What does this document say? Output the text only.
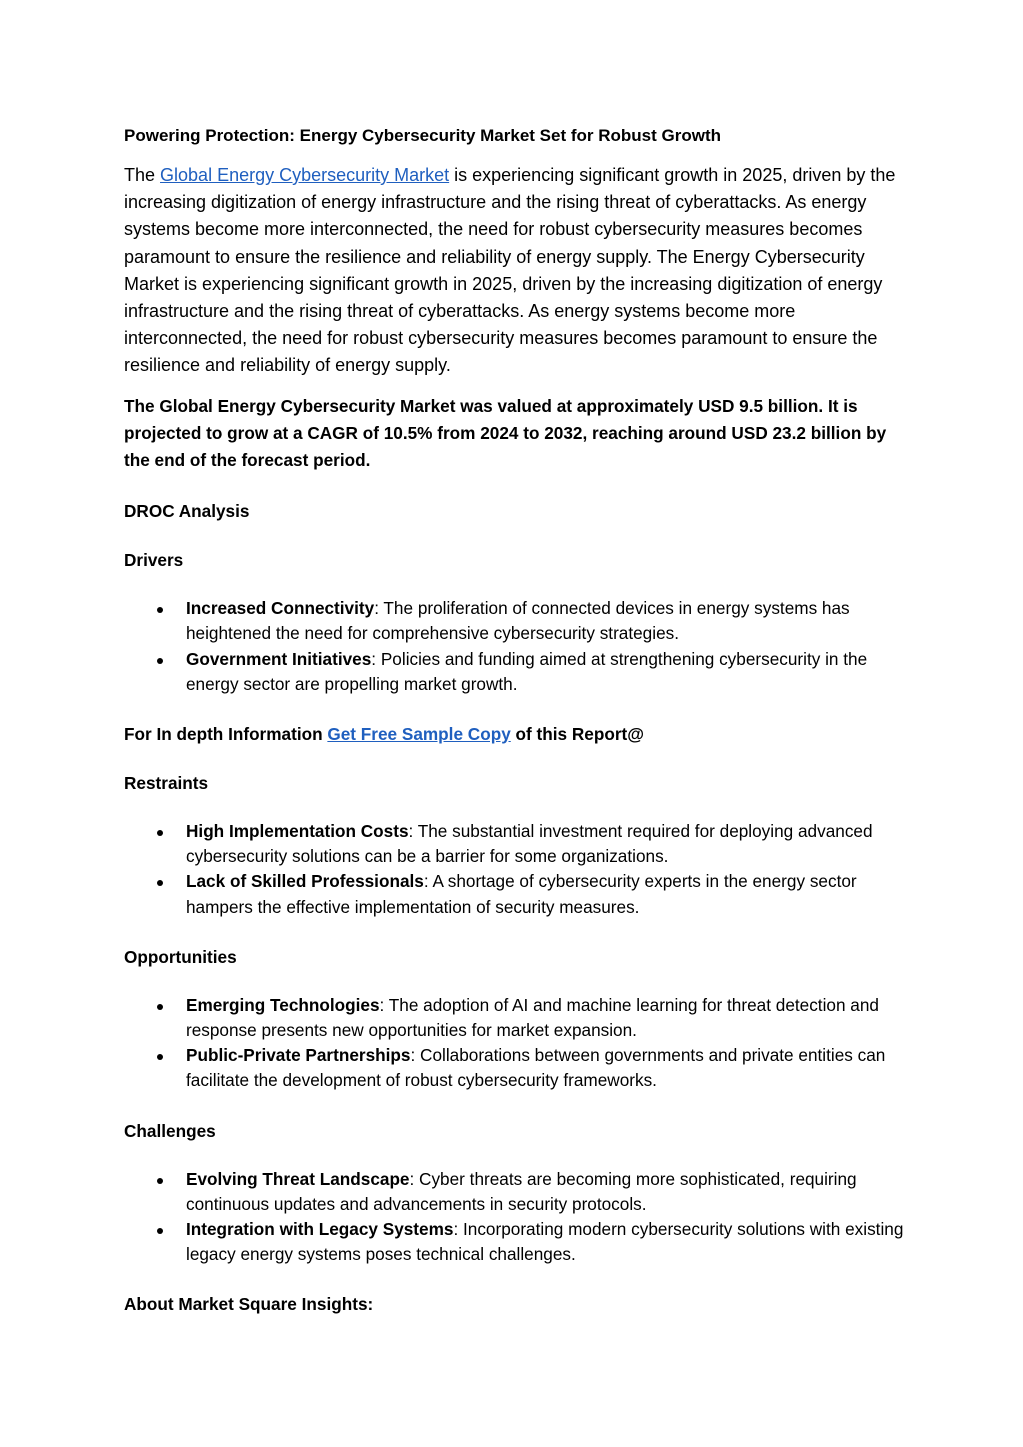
Powering Protection: Energy Cybersecurity Market Set for Robust Growth

The Global Energy Cybersecurity Market is experiencing significant growth in 2025, driven by the increasing digitization of energy infrastructure and the rising threat of cyberattacks. As energy systems become more interconnected, the need for robust cybersecurity measures becomes paramount to ensure the resilience and reliability of energy supply. The Energy Cybersecurity Market is experiencing significant growth in 2025, driven by the increasing digitization of energy infrastructure and the rising threat of cyberattacks. As energy systems become more interconnected, the need for robust cybersecurity measures becomes paramount to ensure the resilience and reliability of energy supply.

The Global Energy Cybersecurity Market was valued at approximately USD 9.5 billion. It is projected to grow at a CAGR of 10.5% from 2024 to 2032, reaching around USD 23.2 billion by the end of the forecast period.

DROC Analysis

Drivers

Increased Connectivity: The proliferation of connected devices in energy systems has heightened the need for comprehensive cybersecurity strategies.
Government Initiatives: Policies and funding aimed at strengthening cybersecurity in the energy sector are propelling market growth.

For In depth Information Get Free Sample Copy of this Report@

Restraints

High Implementation Costs: The substantial investment required for deploying advanced cybersecurity solutions can be a barrier for some organizations.
Lack of Skilled Professionals: A shortage of cybersecurity experts in the energy sector hampers the effective implementation of security measures.

Opportunities

Emerging Technologies: The adoption of AI and machine learning for threat detection and response presents new opportunities for market expansion.
Public-Private Partnerships: Collaborations between governments and private entities can facilitate the development of robust cybersecurity frameworks.

Challenges

Evolving Threat Landscape: Cyber threats are becoming more sophisticated, requiring continuous updates and advancements in security protocols.
Integration with Legacy Systems: Incorporating modern cybersecurity solutions with existing legacy energy systems poses technical challenges.

About Market Square Insights:
